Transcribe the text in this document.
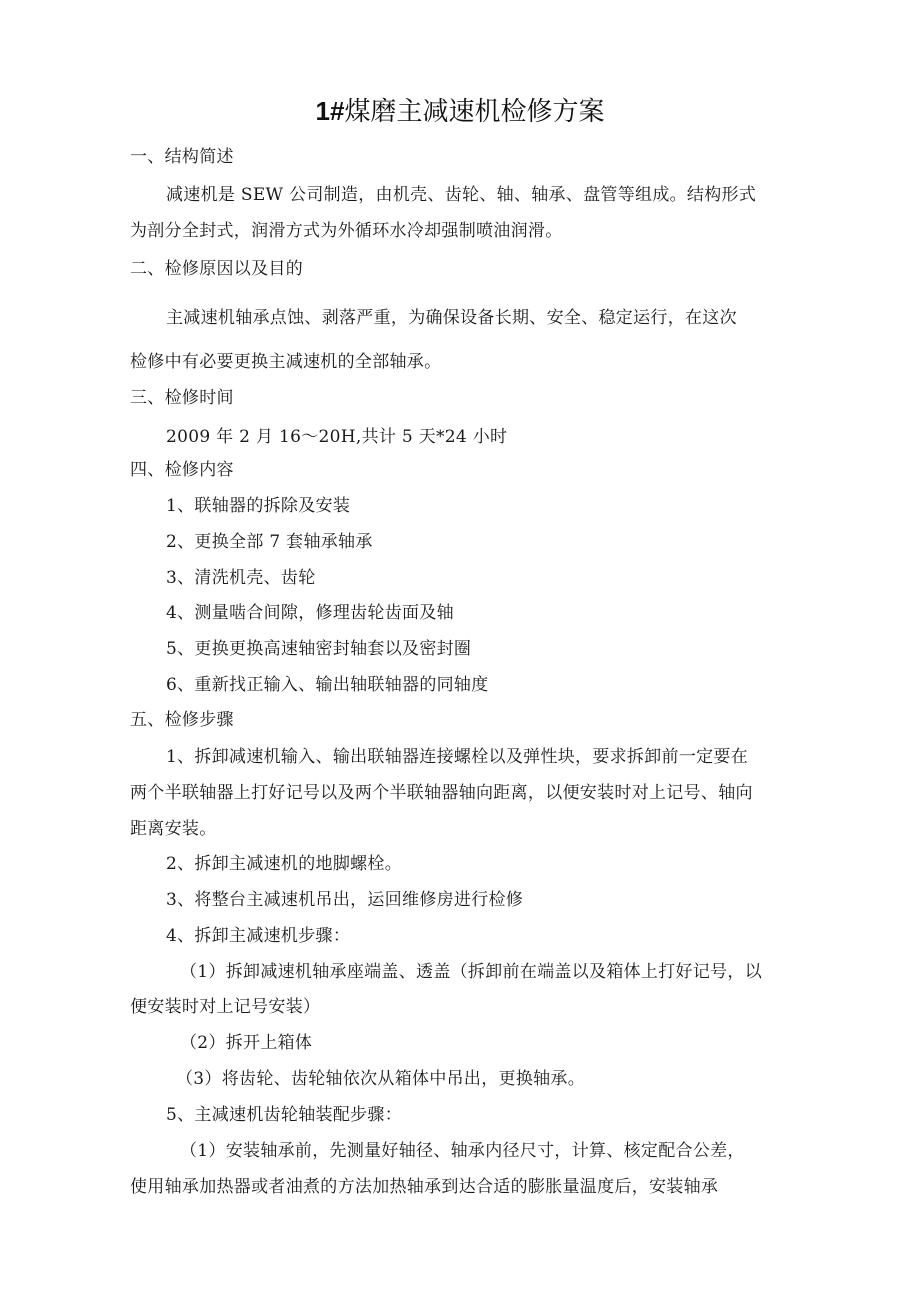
1#煤磨主减速机检修方案
一、结构简述
减速机是 SEW 公司制造，由机壳、齿轮、轴、轴承、盘管等组成。结构形式
为剖分全封式，润滑方式为外循环水冷却强制喷油润滑。
二、检修原因以及目的
主减速机轴承点蚀、剥落严重，为确保设备长期、安全、稳定运行，在这次
检修中有必要更换主减速机的全部轴承。
三、检修时间
2009 年 2 月 16～20H,共计 5 天*24 小时
四、检修内容
1、联轴器的拆除及安装
2、更换全部 7 套轴承轴承
3、清洗机壳、齿轮
4、测量啮合间隙，修理齿轮齿面及轴
5、更换更换高速轴密封轴套以及密封圈
6、重新找正输入、输出轴联轴器的同轴度
五、检修步骤
1、拆卸减速机输入、输出联轴器连接螺栓以及弹性块，要求拆卸前一定要在
两个半联轴器上打好记号以及两个半联轴器轴向距离，以便安装时对上记号、轴向
距离安装。
2、拆卸主减速机的地脚螺栓。
3、将整台主减速机吊出，运回维修房进行检修
4、拆卸主减速机步骤：
（1）拆卸减速机轴承座端盖、透盖（拆卸前在端盖以及箱体上打好记号，以
便安装时对上记号安装）
（2）拆开上箱体
（3）将齿轮、齿轮轴依次从箱体中吊出，更换轴承。
5、主减速机齿轮轴装配步骤：
（1）安装轴承前，先测量好轴径、轴承内径尺寸，计算、核定配合公差，
使用轴承加热器或者油煮的方法加热轴承到达合适的膨胀量温度后，安装轴承
